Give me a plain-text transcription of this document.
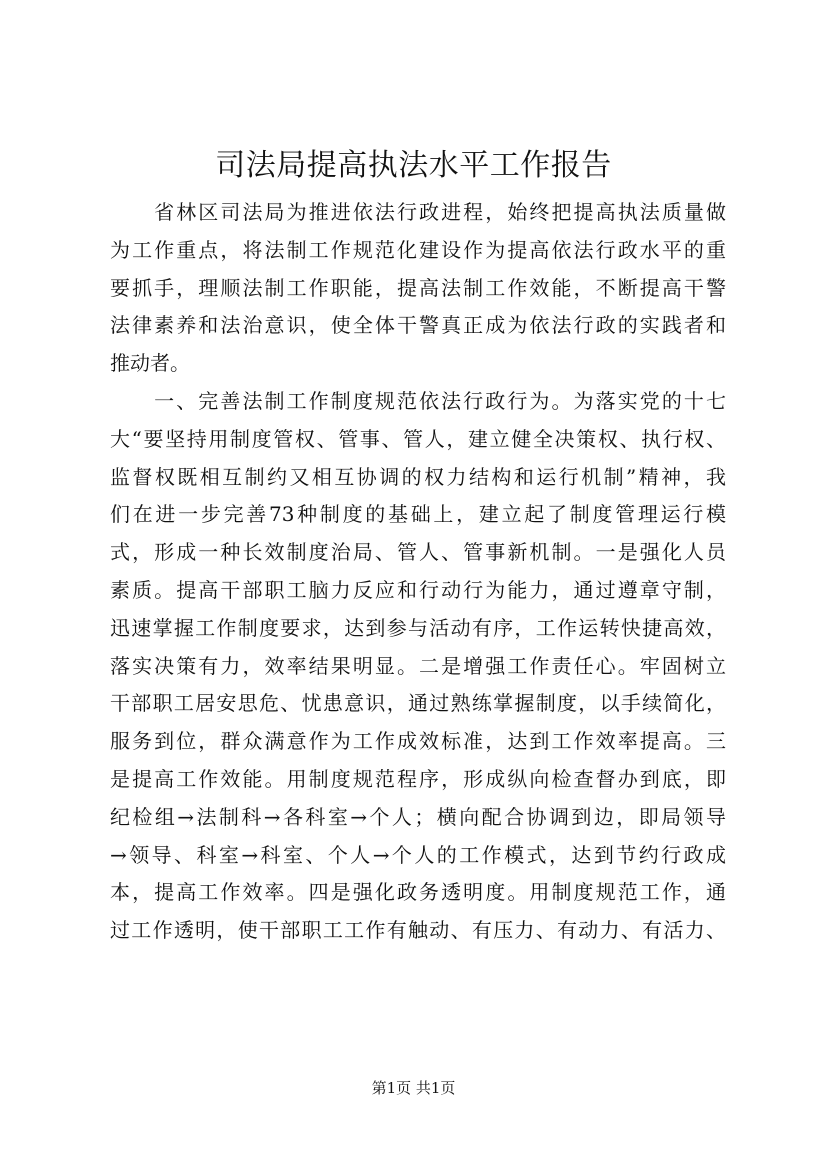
司法局提高执法水平工作报告
　　省林区司法局为推进依法行政进程，始终把提高执法质量做
为工作重点，将法制工作规范化建设作为提高依法行政水平的重
要抓手，理顺法制工作职能，提高法制工作效能，不断提高干警
法律素养和法治意识，使全体干警真正成为依法行政的实践者和
推动者。
　　一、完善法制工作制度规范依法行政行为。为落实党的十七
大“要坚持用制度管权、管事、管人，建立健全决策权、执行权、
监督权既相互制约又相互协调的权力结构和运行机制”精神，我
们在进一步完善73种制度的基础上，建立起了制度管理运行模
式，形成一种长效制度治局、管人、管事新机制。一是强化人员
素质。提高干部职工脑力反应和行动行为能力，通过遵章守制，
迅速掌握工作制度要求，达到参与活动有序，工作运转快捷高效，
落实决策有力，效率结果明显。二是增强工作责任心。牢固树立
干部职工居安思危、忧患意识，通过熟练掌握制度，以手续简化，
服务到位，群众满意作为工作成效标准，达到工作效率提高。三
是提高工作效能。用制度规范程序，形成纵向检查督办到底，即
纪检组→法制科→各科室→个人；横向配合协调到边，即局领导
→领导、科室→科室、个人→个人的工作模式，达到节约行政成
本，提高工作效率。四是强化政务透明度。用制度规范工作，通
过工作透明，使干部职工工作有触动、有压力、有动力、有活力、
第1页 共1页
